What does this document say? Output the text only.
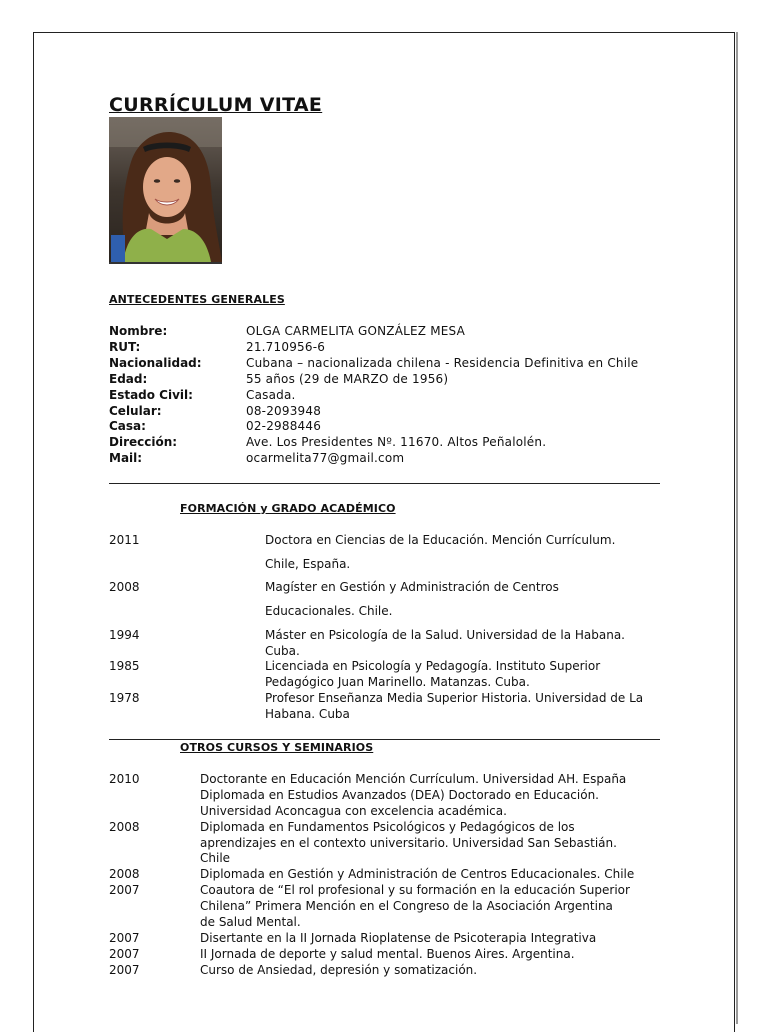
CURRÍCULUM VITAE
ANTECEDENTES GENERALES
Nombre:	OLGA CARMELITA GONZÁLEZ MESA
RUT:	21.710956-6
Nacionalidad:	Cubana – nacionalizada chilena - Residencia Definitiva en Chile
Edad:	55 años (29 de MARZO de 1956)
Estado Civil:	Casada.
Celular:	08-2093948
Casa:	02-2988446
Dirección:	Ave. Los Presidentes Nº. 11670. Altos Peñalolén.
Mail:	ocarmelita77@gmail.com
FORMACIÓN y GRADO ACADÉMICO
2011	Doctora en Ciencias de la Educación. Mención Currículum.
Chile, España.
2008	Magíster en Gestión y Administración de Centros
Educacionales. Chile.
1994	Máster en Psicología de la Salud. Universidad de la Habana.
Cuba.
1985	Licenciada en Psicología y Pedagogía. Instituto Superior
Pedagógico Juan Marinello. Matanzas. Cuba.
1978	Profesor Enseñanza Media Superior Historia. Universidad de La
Habana. Cuba
OTROS CURSOS Y SEMINARIOS
2010	Doctorante en Educación Mención Currículum. Universidad AH. España
Diplomada en Estudios Avanzados (DEA) Doctorado en Educación.
Universidad Aconcagua con excelencia académica.
2008	Diplomada en Fundamentos Psicológicos y Pedagógicos de los
aprendizajes en el contexto universitario. Universidad San Sebastián.
Chile
2008	Diplomada en Gestión y Administración de Centros Educacionales. Chile
2007	Coautora de “El rol profesional y su formación en la educación Superior
Chilena” Primera Mención en el Congreso de la Asociación Argentina
de Salud Mental.
2007	Disertante en la II Jornada Rioplatense de Psicoterapia Integrativa
2007	II Jornada de deporte y salud mental. Buenos Aires. Argentina.
2007	Curso de Ansiedad, depresión y somatización.
